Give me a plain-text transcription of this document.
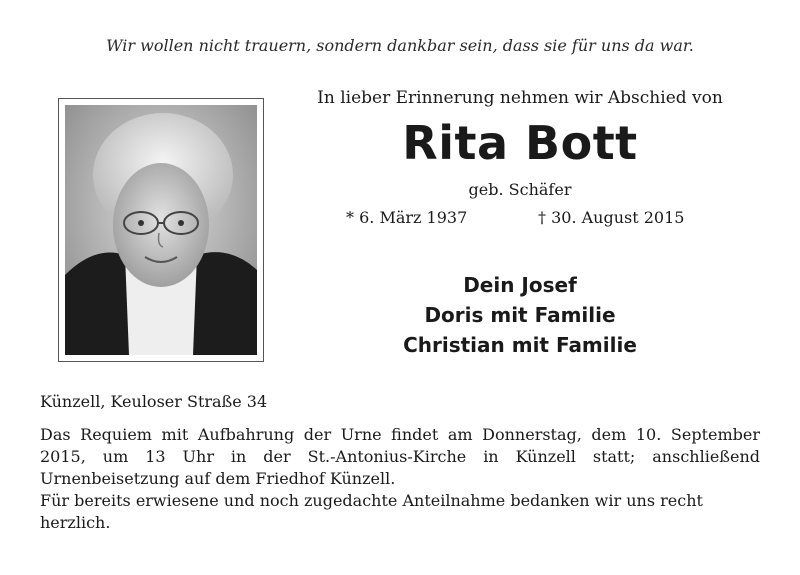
Wir wollen nicht trauern, sondern dankbar sein, dass sie für uns da war.
In lieber Erinnerung nehmen wir Abschied von
Rita Bott
geb. Schäfer
* 6. März 1937	† 30. August 2015
Dein Josef
Doris mit Familie
Christian mit Familie
Künzell, Keuloser Straße 34

Das Requiem mit Aufbahrung der Urne findet am Donnerstag, dem 10. September 2015, um 13 Uhr in der St.-Antonius-Kirche in Künzell statt; anschließend Urnenbeisetzung auf dem Friedhof Künzell.

Für bereits erwiesene und noch zugedachte Anteilnahme bedanken wir uns recht herzlich.
